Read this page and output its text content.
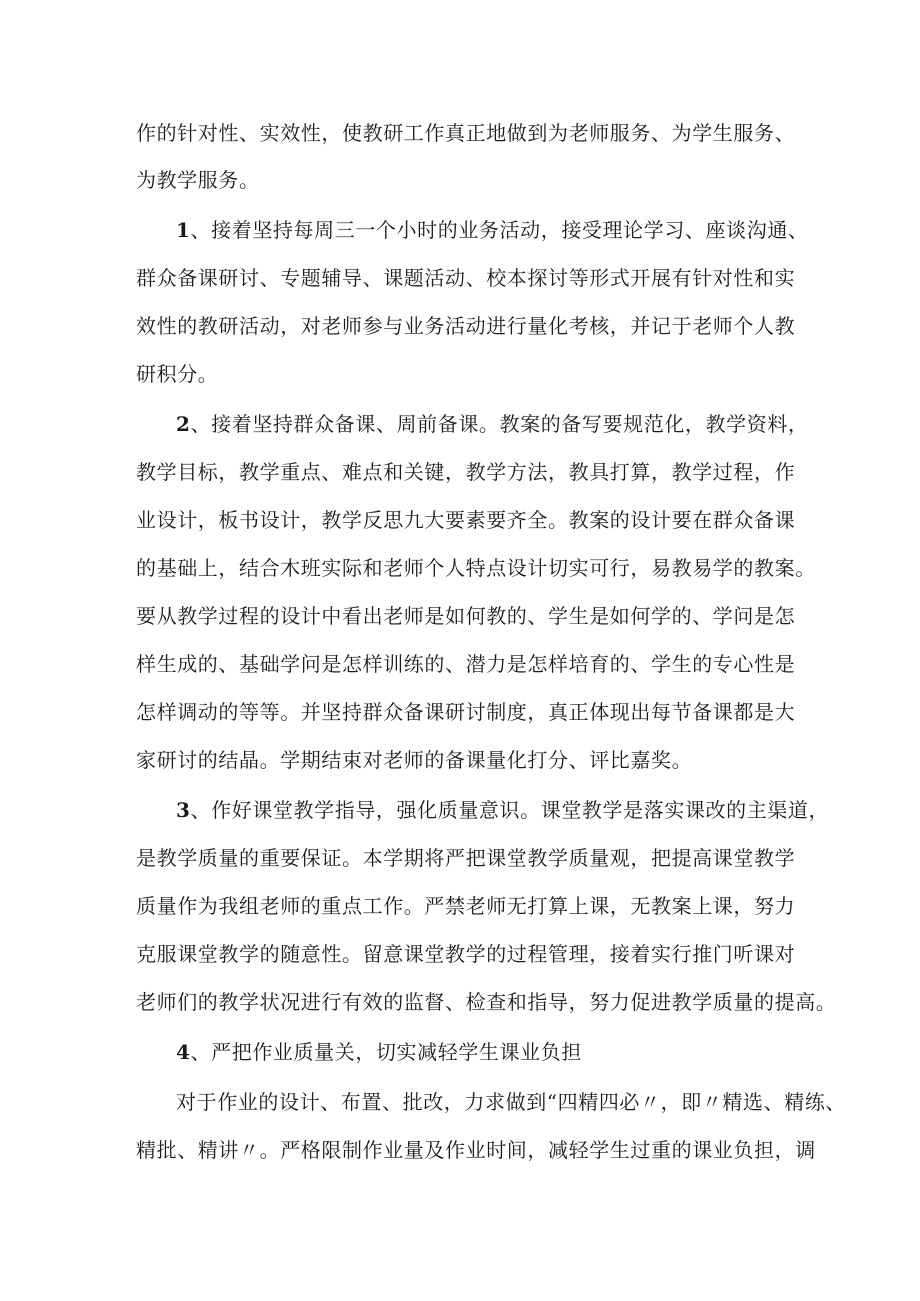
作的针对性、实效性，使教研工作真正地做到为老师服务、为学生服务、
为教学服务。
1、接着坚持每周三一个小时的业务活动，接受理论学习、座谈沟通、
群众备课研讨、专题辅导、课题活动、校本探讨等形式开展有针对性和实
效性的教研活动，对老师参与业务活动进行量化考核，并记于老师个人教
研积分。
2、接着坚持群众备课、周前备课。教案的备写要规范化，教学资料，
教学目标，教学重点、难点和关键，教学方法，教具打算，教学过程，作
业设计，板书设计，教学反思九大要素要齐全。教案的设计要在群众备课
的基础上，结合木班实际和老师个人特点设计切实可行，易教易学的教案。
要从教学过程的设计中看出老师是如何教的、学生是如何学的、学问是怎
样生成的、基础学问是怎样训练的、潜力是怎样培育的、学生的专心性是
怎样调动的等等。并坚持群众备课研讨制度，真正体现出每节备课都是大
家研讨的结晶。学期结束对老师的备课量化打分、评比嘉奖。
3、作好课堂教学指导，强化质量意识。课堂教学是落实课改的主渠道，
是教学质量的重要保证。本学期将严把课堂教学质量观，把提高课堂教学
质量作为我组老师的重点工作。严禁老师无打算上课，无教案上课，努力
克服课堂教学的随意性。留意课堂教学的过程管理，接着实行推门听课对
老师们的教学状况进行有效的监督、检查和指导，努力促进教学质量的提高。
4、严把作业质量关，切实减轻学生课业负担
对于作业的设计、布置、批改，力求做到“四精四必〃，即〃精选、精练、
精批、精讲〃。严格限制作业量及作业时间，减轻学生过重的课业负担，调
